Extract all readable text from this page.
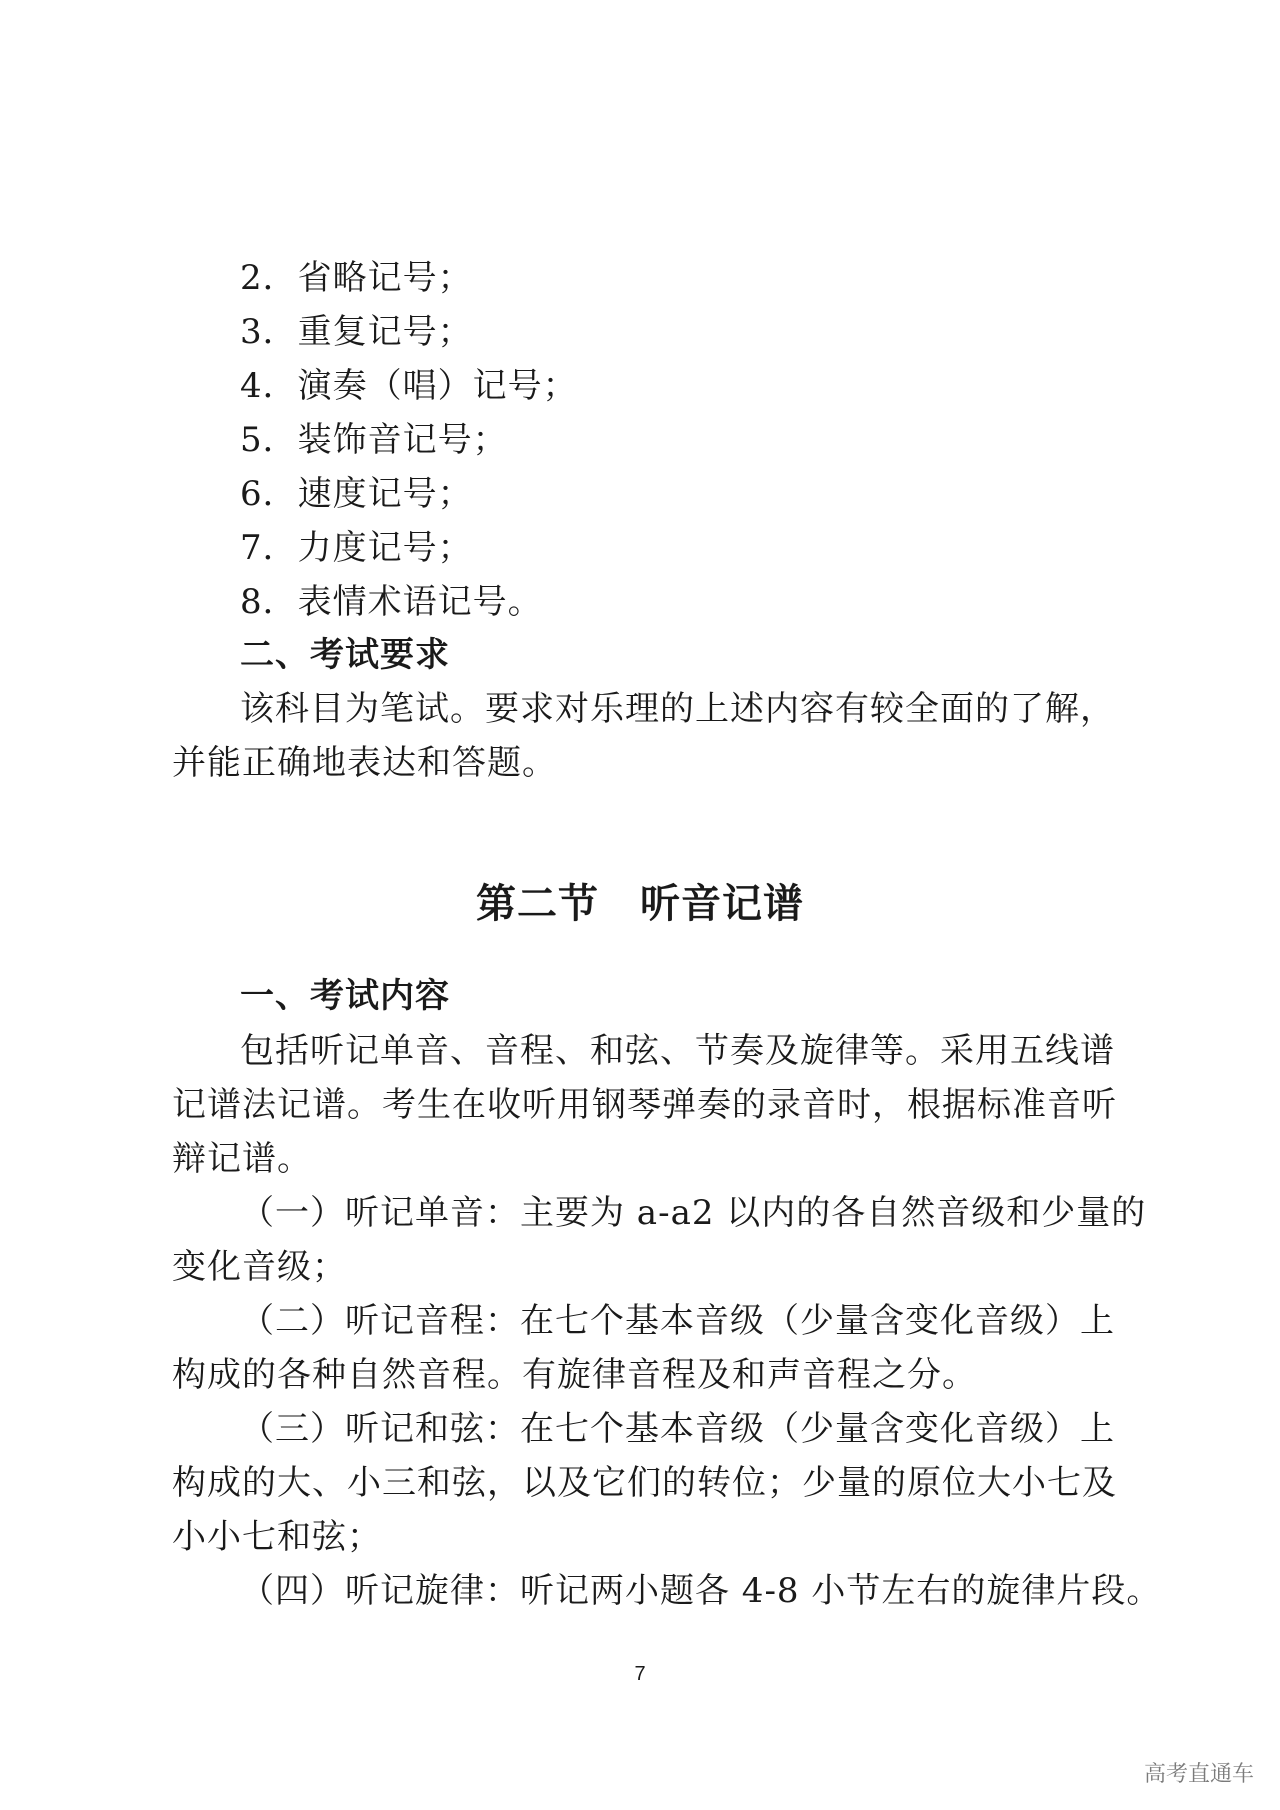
2．省略记号；
3．重复记号；
4．演奏（唱）记号；
5．装饰音记号；
6．速度记号；
7．力度记号；
8．表情术语记号。
二、考试要求
该科目为笔试。要求对乐理的上述内容有较全面的了解，
并能正确地表达和答题。
第二节　听音记谱
一、考试内容
包括听记单音、音程、和弦、节奏及旋律等。采用五线谱
记谱法记谱。考生在收听用钢琴弹奏的录音时，根据标准音听
辩记谱。
（一）听记单音：主要为 a-a2 以内的各自然音级和少量的
变化音级；
（二）听记音程：在七个基本音级（少量含变化音级）上
构成的各种自然音程。有旋律音程及和声音程之分。
（三）听记和弦：在七个基本音级（少量含变化音级）上
构成的大、小三和弦，以及它们的转位；少量的原位大小七及
小小七和弦；
（四）听记旋律：听记两小题各 4-8 小节左右的旋律片段。
7
高考直通车
